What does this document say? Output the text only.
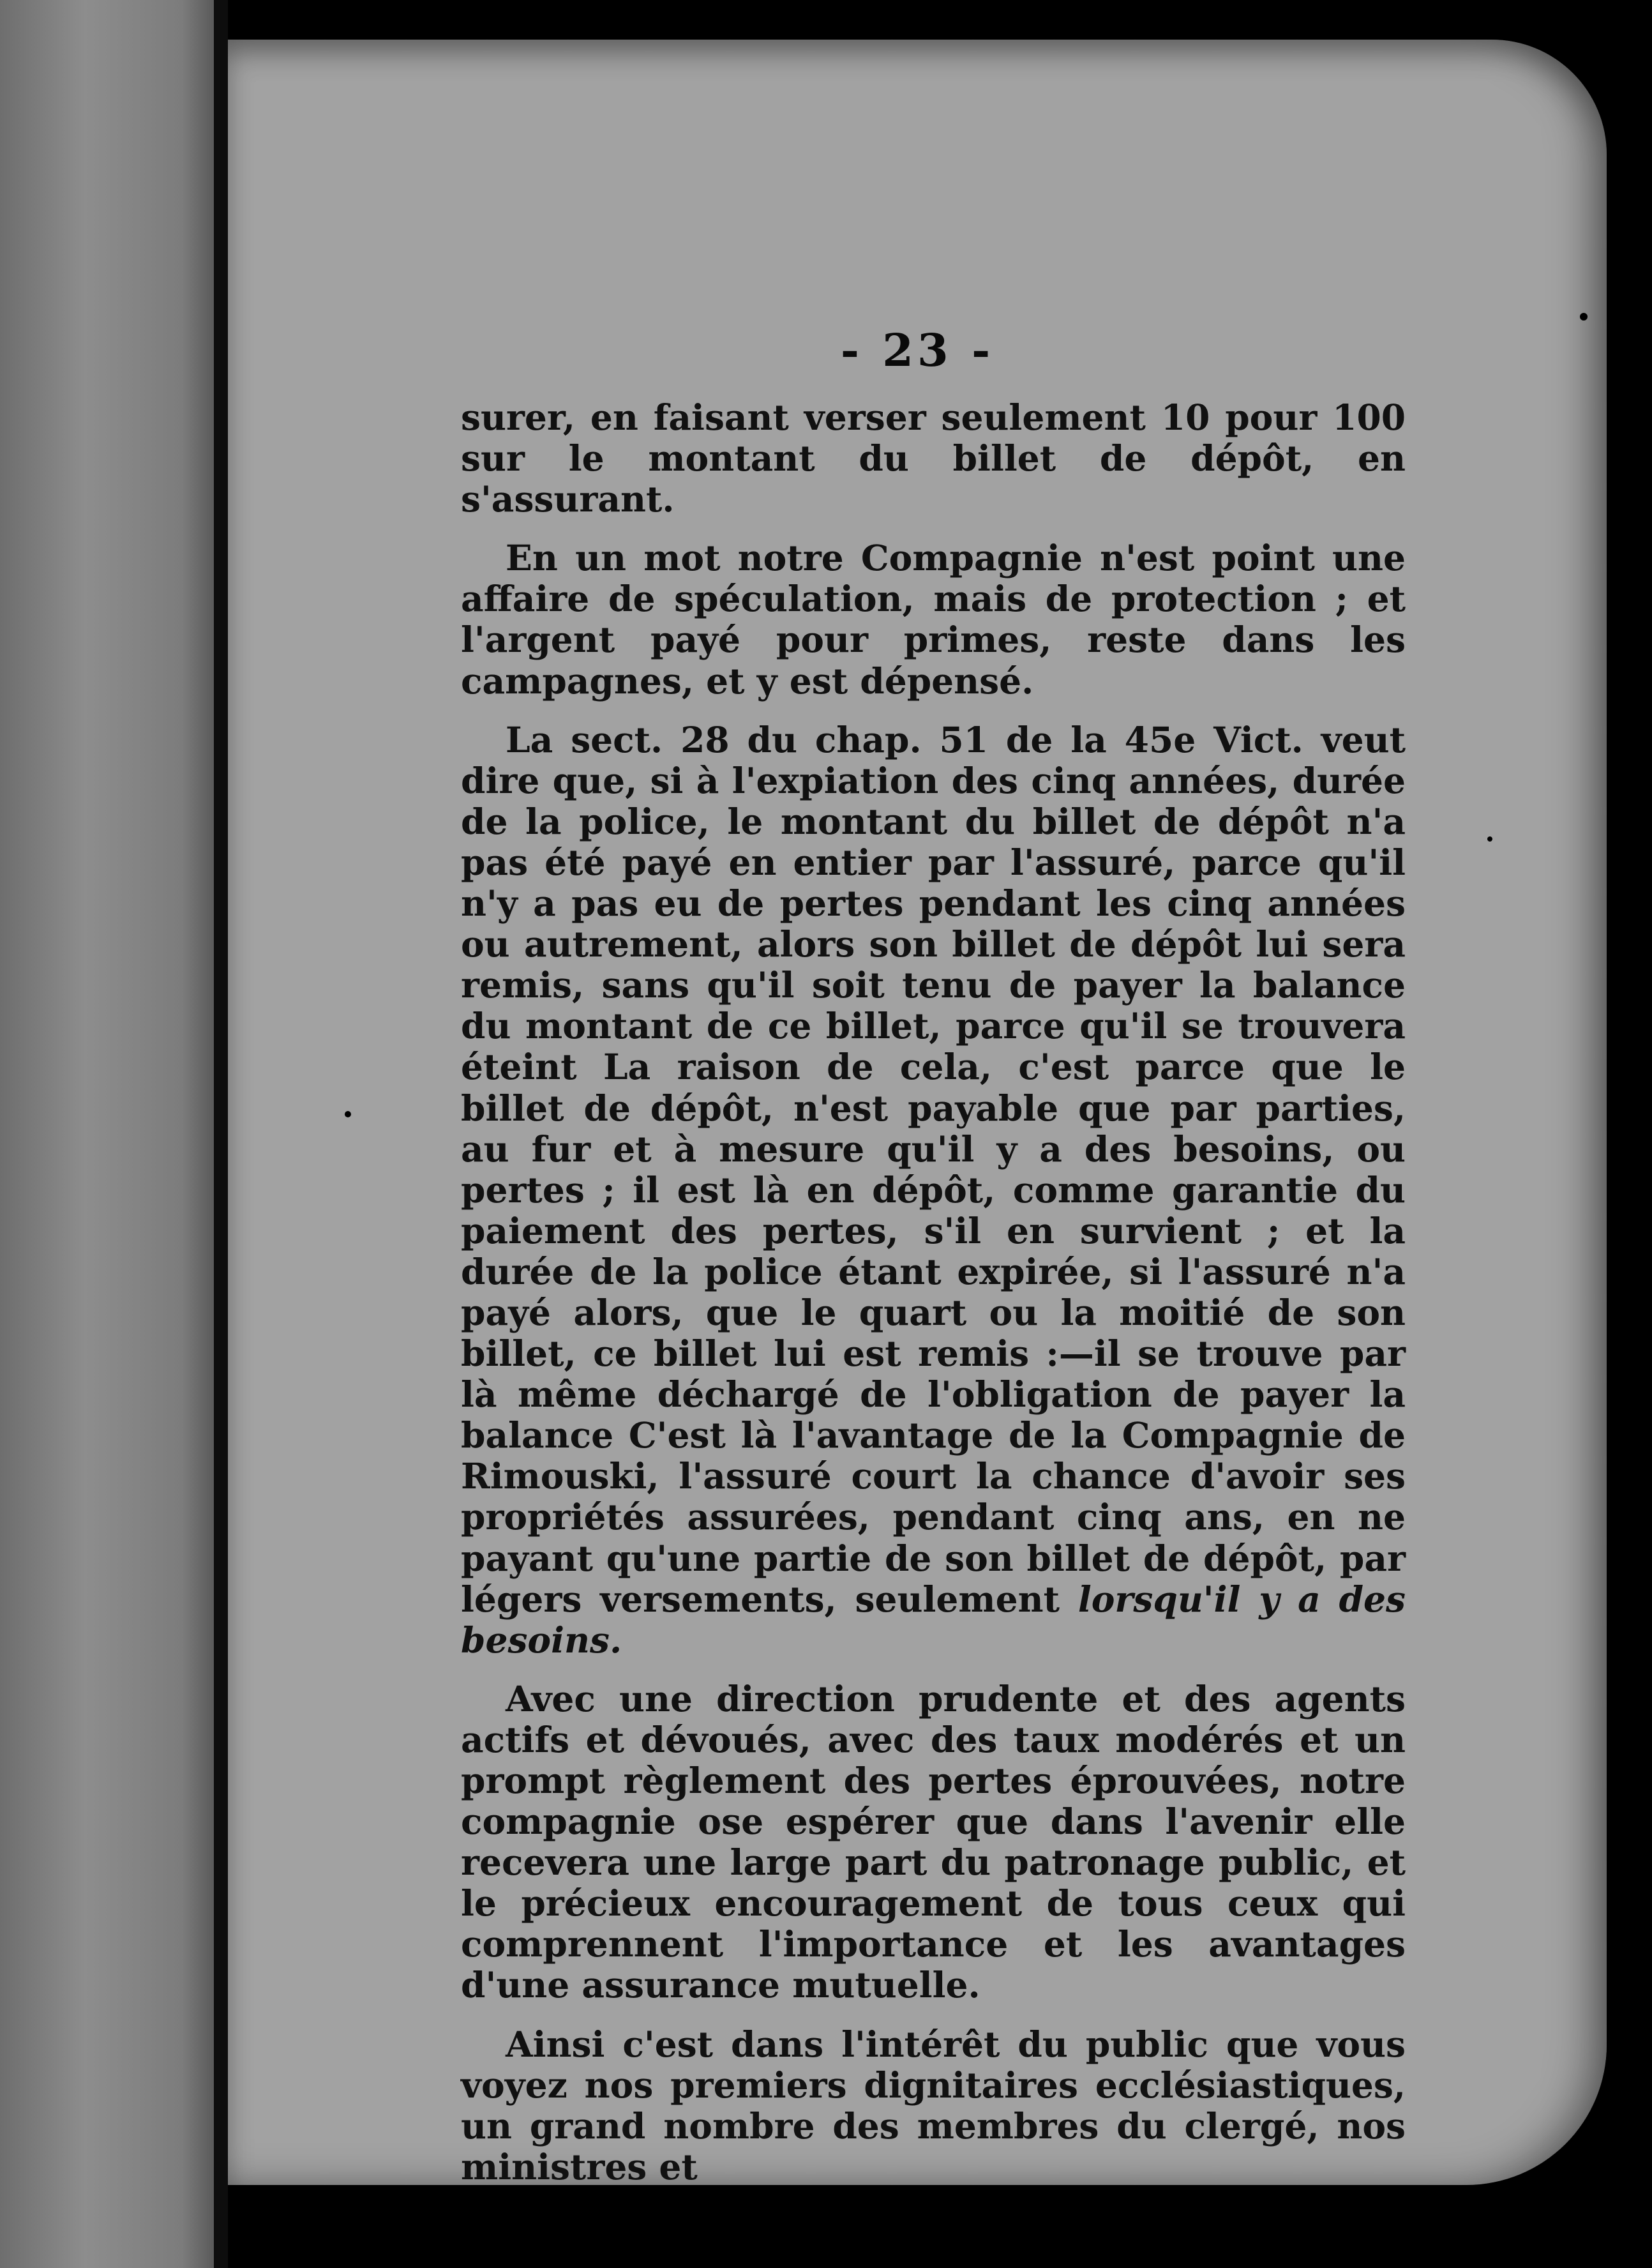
- 23 -

surer, en faisant verser seulement 10 pour 100 sur le montant du billet de dépôt, en s'assurant.

En un mot notre Compagnie n'est point une affaire de spéculation, mais de protection ; et l'argent payé pour primes, reste dans les campagnes, et y est dépensé.

La sect. 28 du chap. 51 de la 45e Vict. veut dire que, si à l'expiation des cinq années, durée de la police, le montant du billet de dépôt n'a pas été payé en entier par l'assuré, parce qu'il n'y a pas eu de pertes pendant les cinq années ou autrement, alors son billet de dépôt lui sera remis, sans qu'il soit tenu de payer la balance du montant de ce billet, parce qu'il se trouvera éteint La raison de cela, c'est parce que le billet de dépôt, n'est payable que par parties, au fur et à mesure qu'il y a des besoins, ou pertes ; il est là en dépôt, comme garantie du paiement des pertes, s'il en survient ; et la durée de la police étant expirée, si l'assuré n'a payé alors, que le quart ou la moitié de son billet, ce billet lui est remis :—il se trouve par là même déchargé de l'obligation de payer la balance C'est là l'avantage de la Compagnie de Rimouski, l'assuré court la chance d'avoir ses propriétés assurées, pendant cinq ans, en ne payant qu'une partie de son billet de dépôt, par légers versements, seulement lorsqu'il y a des besoins.

Avec une direction prudente et des agents actifs et dévoués, avec des taux modérés et un prompt règlement des pertes éprouvées, notre compagnie ose espérer que dans l'avenir elle recevera une large part du patronage public, et le précieux encouragement de tous ceux qui comprennent l'importance et les avantages d'une assurance mutuelle.

Ainsi c'est dans l'intérêt du public que vous voyez nos premiers dignitaires ecclésiastiques, un grand nombre des membres du clergé, nos ministres et
